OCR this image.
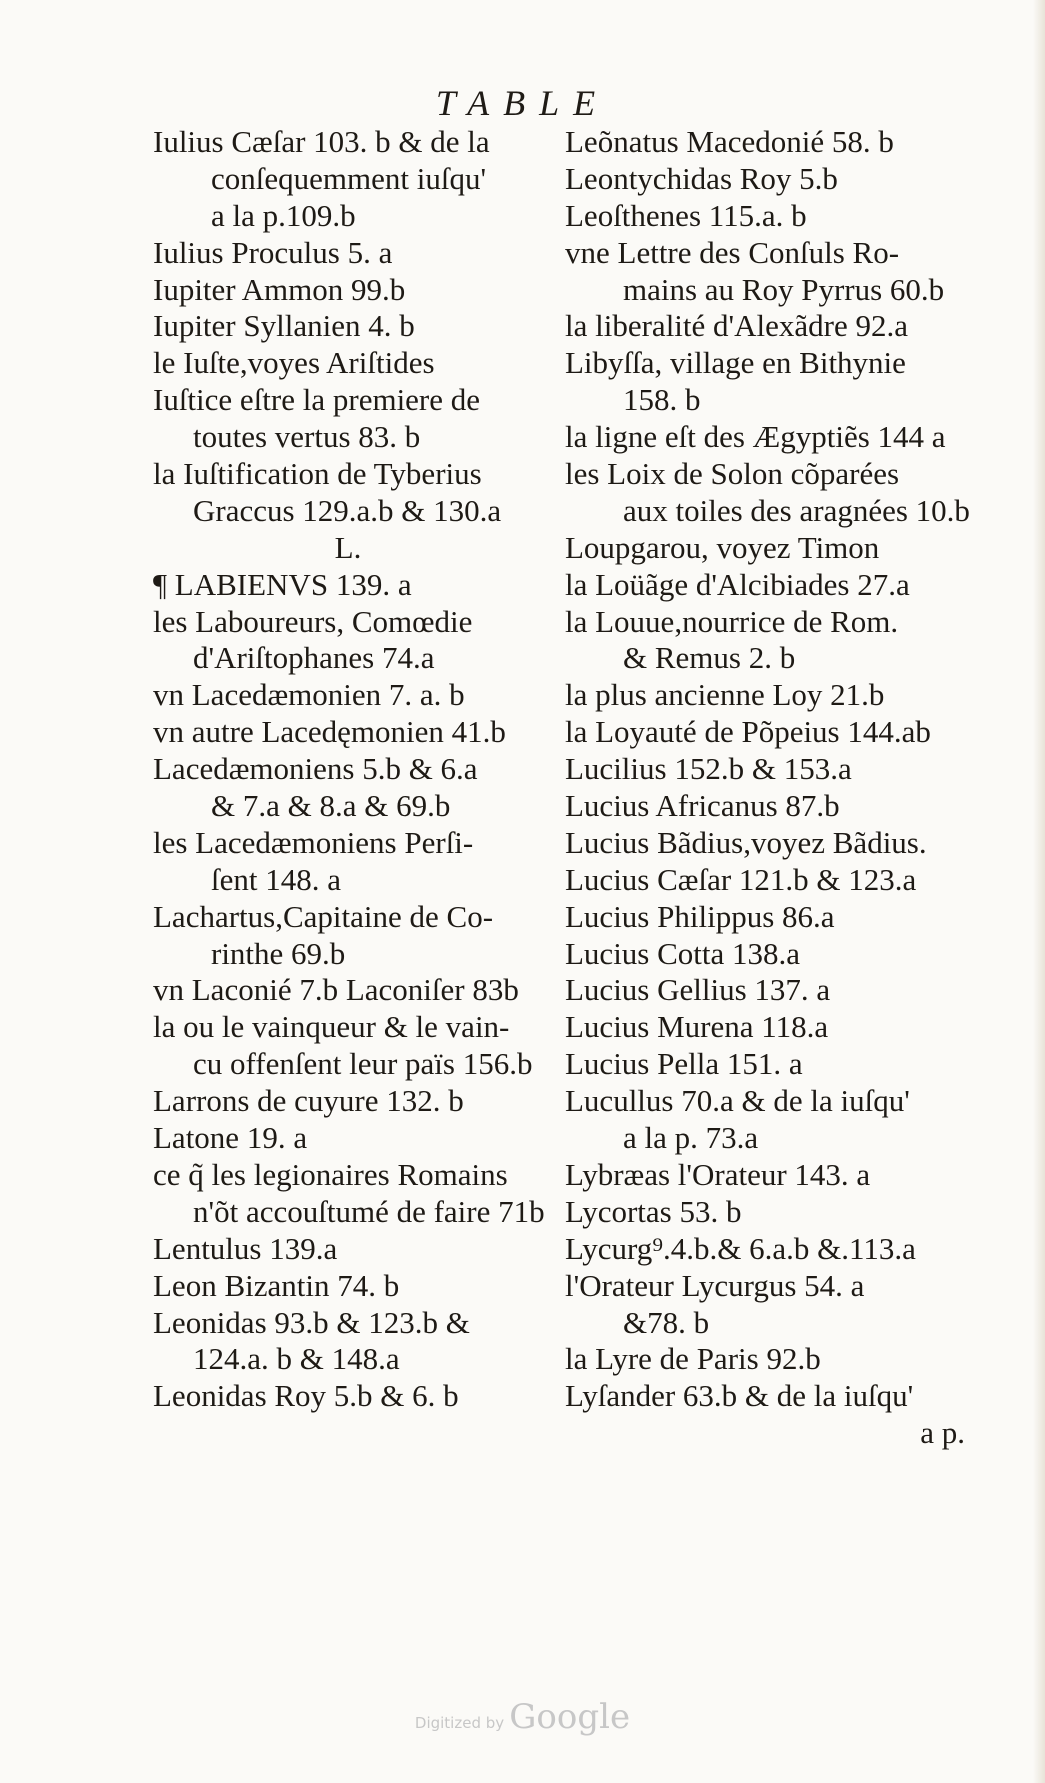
TABLE
Iulius Cæſar 103. b & de la
conſequemment iuſqu'
a la p.109.b
Iulius Proculus 5. a
Iupiter Ammon 99.b
Iupiter Syllanien 4. b
le Iuſte,voyes Ariſtides
Iuſtice eſtre la premiere de
toutes vertus 83. b
la Iuſtification de Tyberius
Graccus 129.a.b & 130.a
L.
¶ LABIENVS 139. a
les Laboureurs, Comœdie
d'Ariſtophanes 74.a
vn Lacedæmonien 7. a. b
vn autre Lacedęmonien 41.b
Lacedæmoniens 5.b & 6.a
& 7.a & 8.a & 69.b
les Lacedæmoniens Perſi-
ſent 148. a
Lachartus,Capitaine de Co-
rinthe 69.b
vn Laconié 7.b Laconiſer 83b
la ou le vainqueur & le vain-
cu offenſent leur païs 156.b
Larrons de cuyure 132. b
Latone 19. a
ce q̃ les legionaires Romains
n'õt accouſtumé de faire 71b
Lentulus 139.a
Leon Bizantin 74. b
Leonidas 93.b & 123.b &
124.a. b & 148.a
Leonidas Roy 5.b & 6. b
Leõnatus Macedonié 58. b
Leontychidas Roy 5.b
Leoſthenes 115.a. b
vne Lettre des Conſuls Ro-
mains au Roy Pyrrus 60.b
la liberalité d'Alexãdre 92.a
Libyſſa, village en Bithynie
158. b
la ligne eſt des Ægyptiẽs 144 a
les Loix de Solon cõparées
aux toiles des aragnées 10.b
Loupgarou, voyez Timon
la Loüãge d'Alcibiades 27.a
la Louue,nourrice de Rom.
& Remus 2. b
la plus ancienne Loy 21.b
la Loyauté de Põpeius 144.ab
Lucilius 152.b & 153.a
Lucius Africanus 87.b
Lucius Bãdius,voyez Bãdius.
Lucius Cæſar 121.b & 123.a
Lucius Philippus 86.a
Lucius Cotta 138.a
Lucius Gellius 137. a
Lucius Murena 118.a
Lucius Pella 151. a
Lucullus 70.a & de la iuſqu'
a la p. 73.a
Lybræas l'Orateur 143. a
Lycortas 53. b
Lycurg⁹.4.b.& 6.a.b &.113.a
l'Orateur Lycurgus 54. a
&78. b
la Lyre de Paris 92.b
Lyſander 63.b & de la iuſqu'
a p.
Digitized by Google
